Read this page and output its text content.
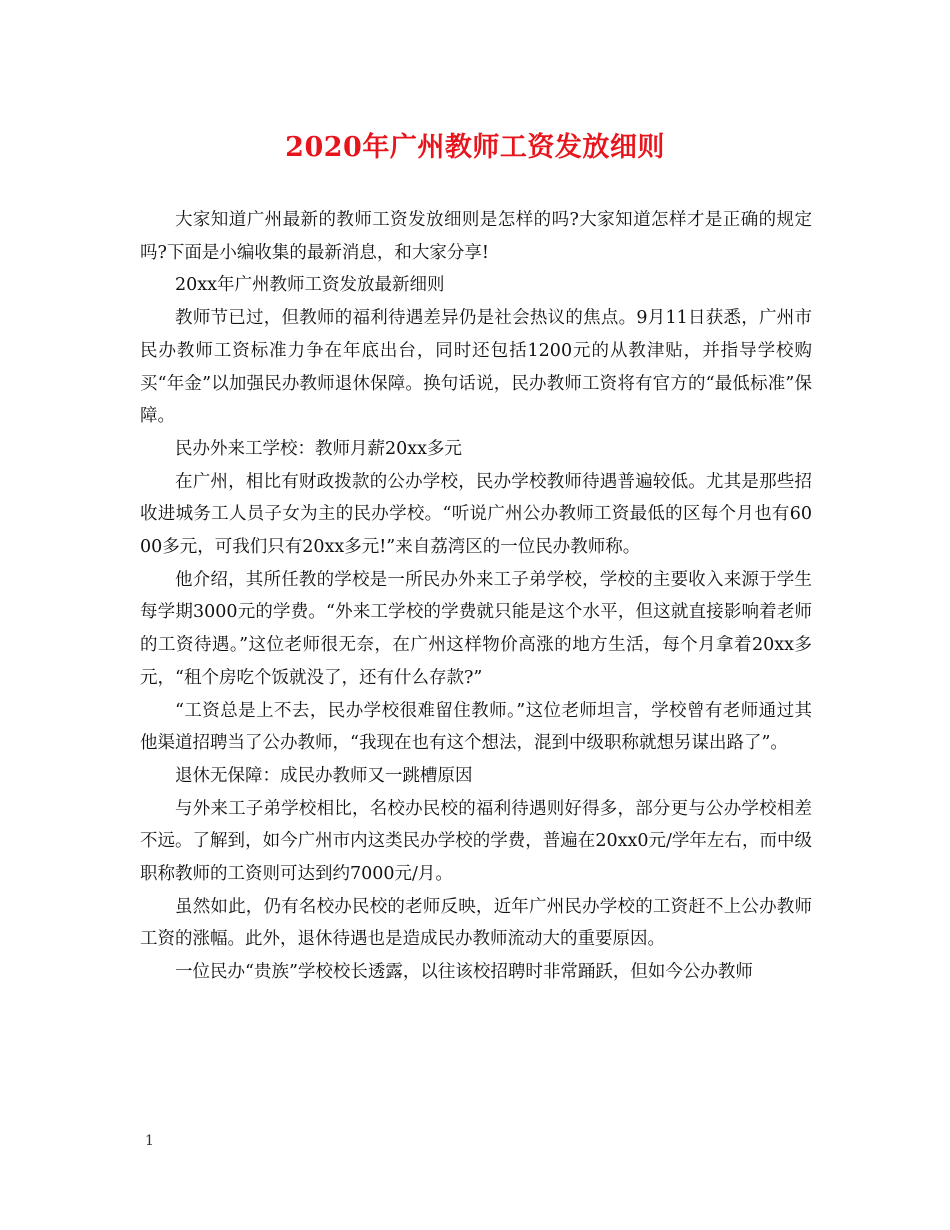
2020年广州教师工资发放细则

大家知道广州最新的教师工资发放细则是怎样的吗?大家知道怎样才是正确的规定吗?下面是小编收集的最新消息，和大家分享!

20xx年广州教师工资发放最新细则

教师节已过，但教师的福利待遇差异仍是社会热议的焦点。9月11日获悉，广州市民办教师工资标准力争在年底出台，同时还包括1200元的从教津贴，并指导学校购买“年金”以加强民办教师退休保障。换句话说，民办教师工资将有官方的“最低标准”保障。

民办外来工学校：教师月薪20xx多元

在广州，相比有财政拨款的公办学校，民办学校教师待遇普遍较低。尤其是那些招收进城务工人员子女为主的民办学校。“听说广州公办教师工资最低的区每个月也有6000多元，可我们只有20xx多元!”来自荔湾区的一位民办教师称。

他介绍，其所任教的学校是一所民办外来工子弟学校，学校的主要收入来源于学生每学期3000元的学费。“外来工学校的学费就只能是这个水平，但这就直接影响着老师的工资待遇。”这位老师很无奈，在广州这样物价高涨的地方生活，每个月拿着20xx多元，“租个房吃个饭就没了，还有什么存款?”

“工资总是上不去，民办学校很难留住教师。”这位老师坦言，学校曾有老师通过其他渠道招聘当了公办教师，“我现在也有这个想法，混到中级职称就想另谋出路了”。

退休无保障：成民办教师又一跳槽原因

与外来工子弟学校相比，名校办民校的福利待遇则好得多，部分更与公办学校相差不远。了解到，如今广州市内这类民办学校的学费，普遍在20xx0元/学年左右，而中级职称教师的工资则可达到约7000元/月。

虽然如此，仍有名校办民校的老师反映，近年广州民办学校的工资赶不上公办教师工资的涨幅。此外，退休待遇也是造成民办教师流动大的重要原因。

一位民办“贵族”学校校长透露，以往该校招聘时非常踊跃，但如今公办教师

1
